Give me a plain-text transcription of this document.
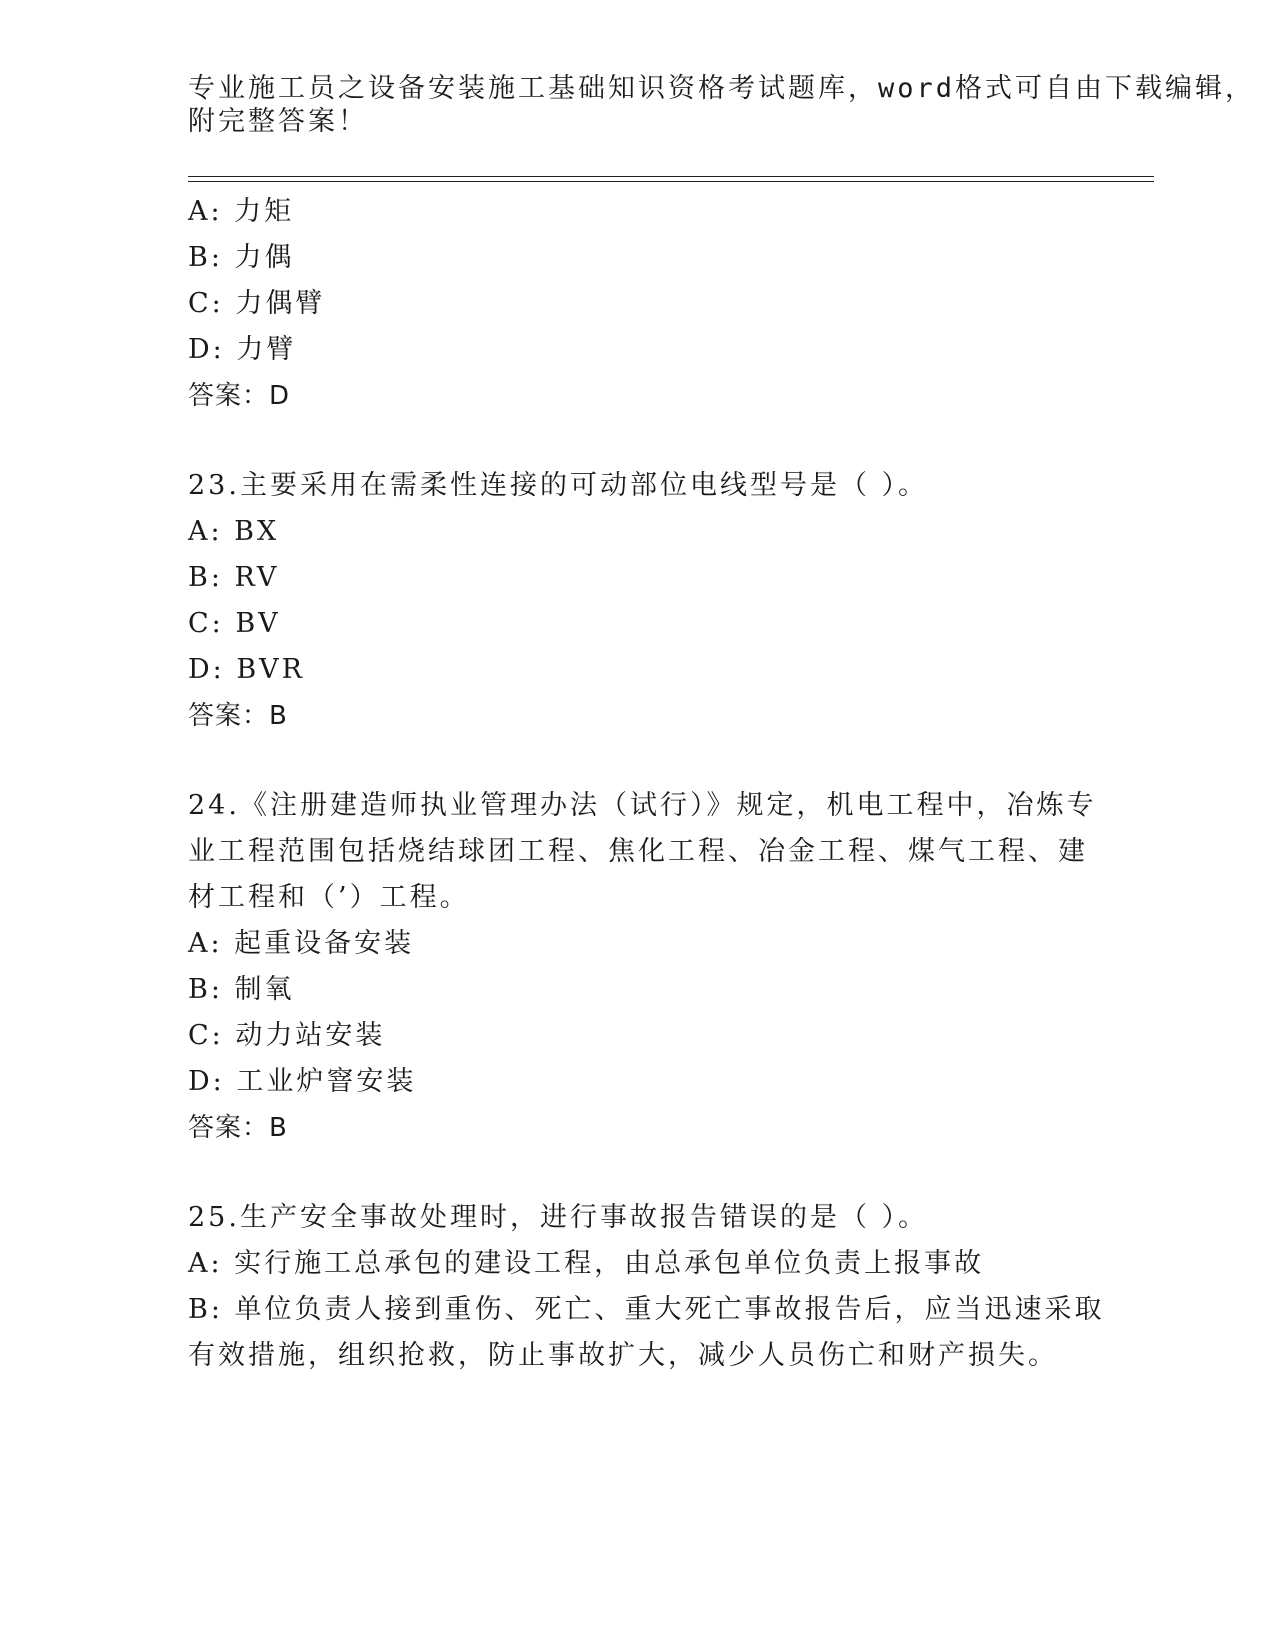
专业施工员之设备安装施工基础知识资格考试题库，word格式可自由下载编辑，
附完整答案！
A: 力矩
B: 力偶
C: 力偶臂
D: 力臂
答案：D
23.主要采用在需柔性连接的可动部位电线型号是（ ）。
A: BX
B: RV
C: BV
D: BVR
答案：B
24.《注册建造师执业管理办法（试行）》规定，机电工程中，冶炼专
业工程范围包括烧结球团工程、焦化工程、冶金工程、煤气工程、建
材工程和（’）工程。
A: 起重设备安装
B: 制氧
C: 动力站安装
D: 工业炉窨安装
答案：B
25.生产安全事故处理时，进行事故报告错误的是（ ）。
A: 实行施工总承包的建设工程，由总承包单位负责上报事故
B: 单位负责人接到重伤、死亡、重大死亡事故报告后，应当迅速采取
有效措施，组织抢救，防止事故扩大，减少人员伤亡和财产损失。
